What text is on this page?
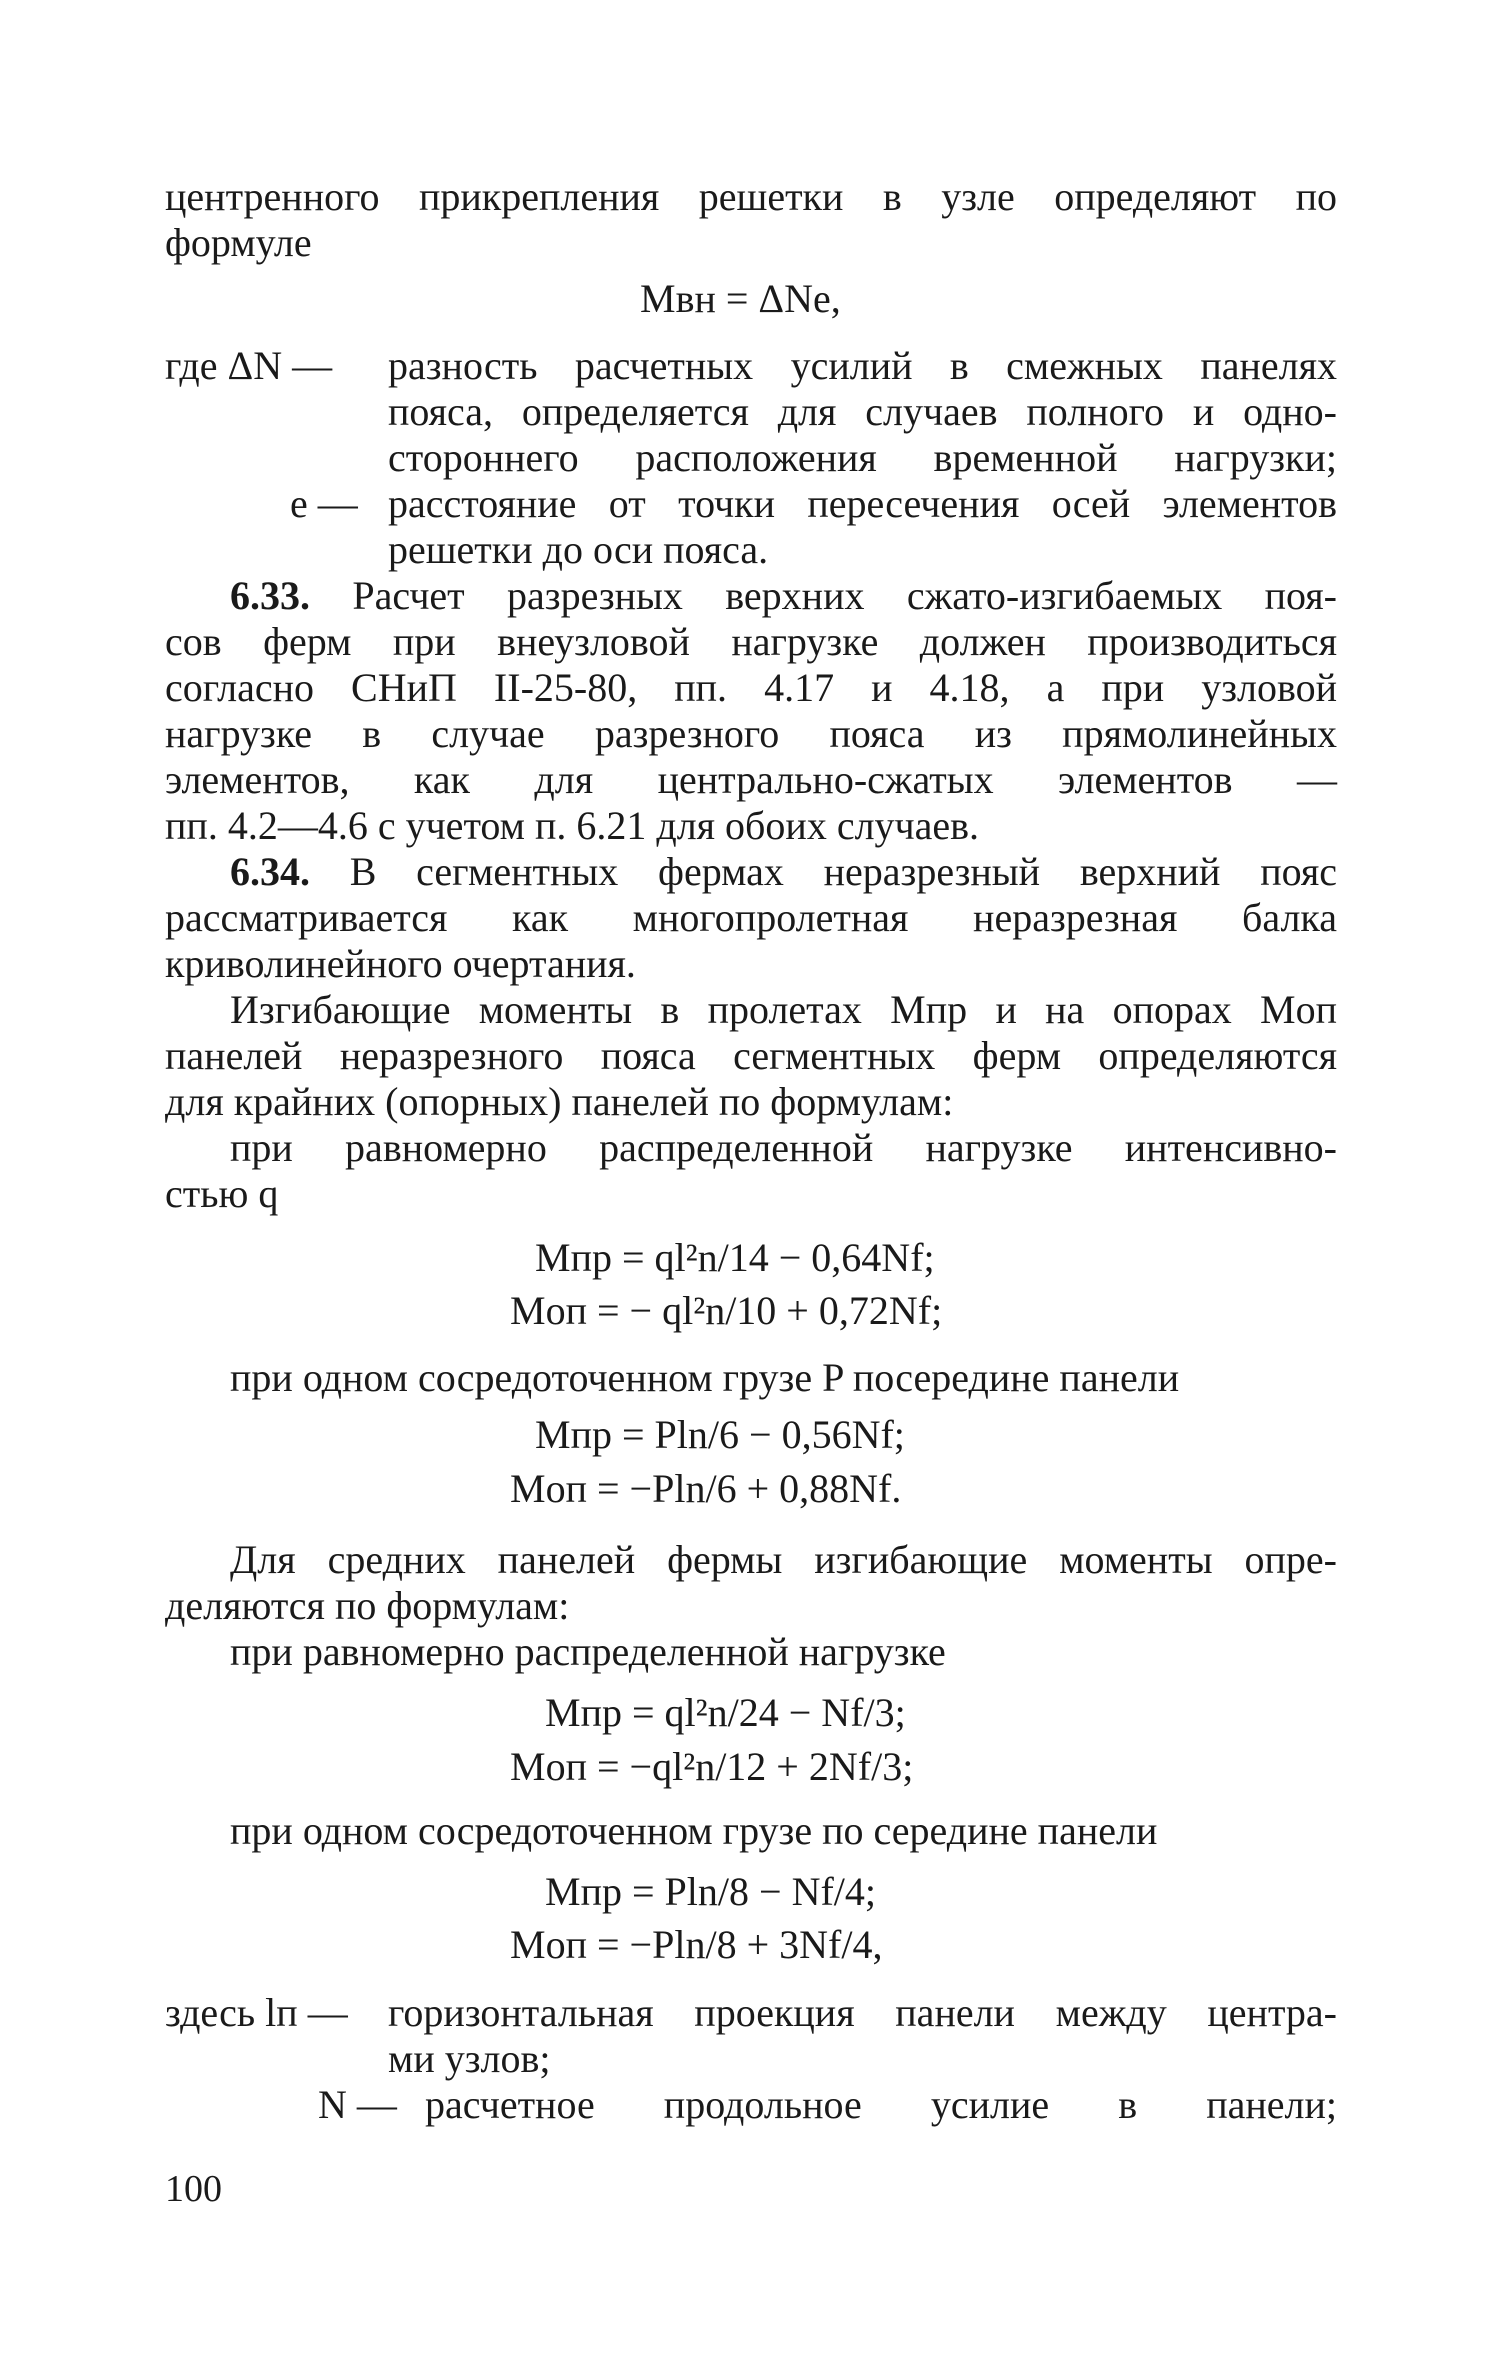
центренного прикрепления решетки в узле определяют по
формуле
Mвн = ΔNe,
где ΔN — разность расчетных усилий в смежных панелях
пояса, определяется для случаев полного и одно-
стороннего расположения временной нагрузки;
e — расстояние от точки пересечения осей элементов
решетки до оси пояса.
6.33. Расчет разрезных верхних сжато-изгибаемых поя-
сов ферм при внеузловой нагрузке должен производиться
согласно СНиП II-25-80, пп. 4.17 и 4.18, а при узловой
нагрузке в случае разрезного пояса из прямолинейных
элементов, как для центрально-сжатых элементов —
пп. 4.2—4.6 с учетом п. 6.21 для обоих случаев.
6.34. В сегментных фермах неразрезный верхний пояс
рассматривается как многопролетная неразрезная балка
криволинейного очертания.
Изгибающие моменты в пролетах Mпр и на опорах Mоп
панелей неразрезного пояса сегментных ферм определяются
для крайних (опорных) панелей по формулам:
при равномерно распределенной нагрузке интенсивно-
стью q
Mпр = ql²n/14 − 0,64Nf;
Mоп = − ql²n/10 + 0,72Nf;
при одном сосредоточенном грузе P посередине панели
Mпр = Pln/6 − 0,56Nf;
Mоп = −Pln/6 + 0,88Nf.
Для средних панелей фермы изгибающие моменты опре-
деляются по формулам:
при равномерно распределенной нагрузке
Mпр = ql²n/24 − Nf/3;
Mоп = −ql²n/12 + 2Nf/3;
при одном сосредоточенном грузе по середине панели
Mпр = Pln/8 − Nf/4;
Mоп = −Pln/8 + 3Nf/4,
здесь lп — горизонтальная проекция панели между центра-
ми узлов;
N — расчетное продольное усилие в панели;
100
